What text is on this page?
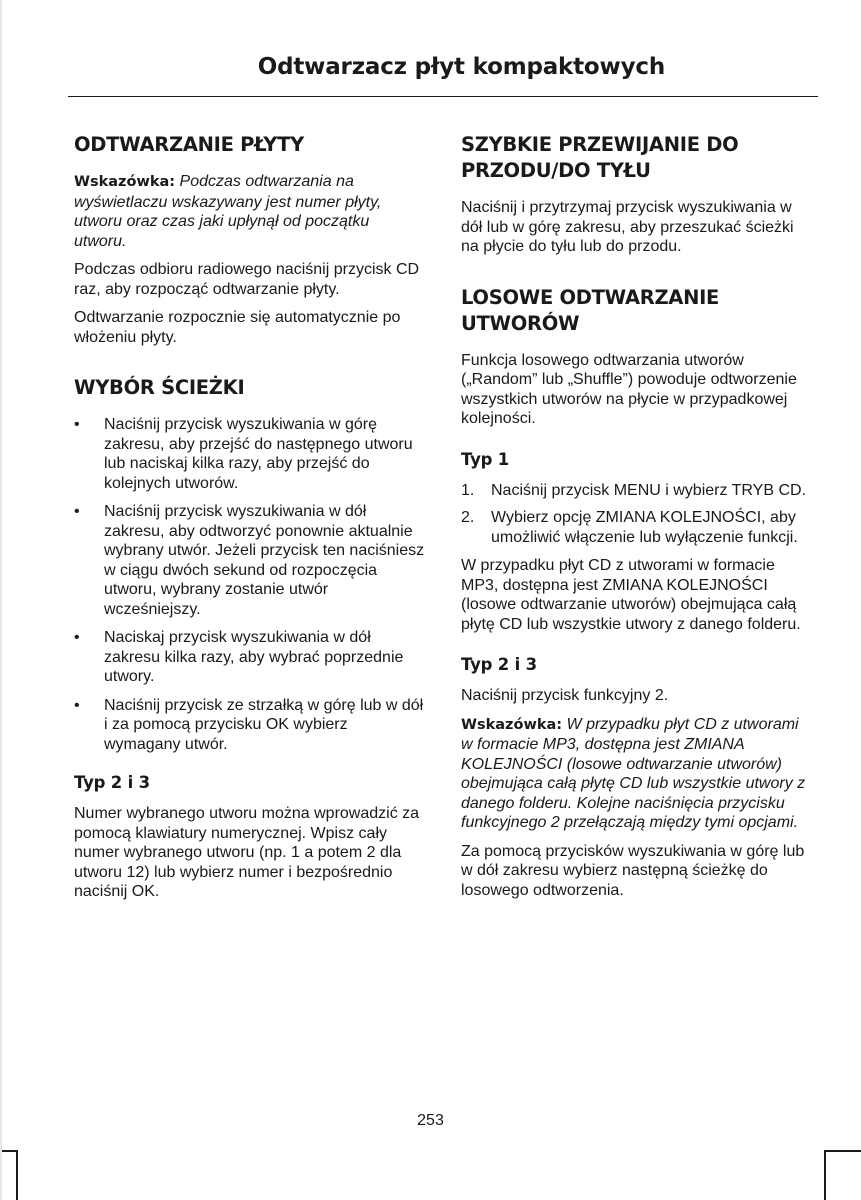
Odtwarzacz płyt kompaktowych
ODTWARZANIE PŁYTY

Wskazówka: Podczas odtwarzania na wyświetlaczu wskazywany jest numer płyty, utworu oraz czas jaki upłynął od początku utworu.

Podczas odbioru radiowego naciśnij przycisk CD raz, aby rozpocząć odtwarzanie płyty.

Odtwarzanie rozpocznie się automatycznie po włożeniu płyty.

WYBÓR ŚCIEŻKI
• Naciśnij przycisk wyszukiwania w górę zakresu, aby przejść do następnego utworu lub naciskaj kilka razy, aby przejść do kolejnych utworów.
• Naciśnij przycisk wyszukiwania w dół zakresu, aby odtworzyć ponownie aktualnie wybrany utwór. Jeżeli przycisk ten naciśniesz w ciągu dwóch sekund od rozpoczęcia utworu, wybrany zostanie utwór wcześniejszy.
• Naciskaj przycisk wyszukiwania w dół zakresu kilka razy, aby wybrać poprzednie utwory.
• Naciśnij przycisk ze strzałką w górę lub w dół i za pomocą przycisku OK wybierz wymagany utwór.
Typ 2 i 3

Numer wybranego utworu można wprowadzić za pomocą klawiatury numerycznej. Wpisz cały numer wybranego utworu (np. 1 a potem 2 dla utworu 12) lub wybierz numer i bezpośrednio naciśnij OK.

SZYBKIE PRZEWIJANIE DO PRZODU/DO TYŁU

Naciśnij i przytrzymaj przycisk wyszukiwania w dół lub w górę zakresu, aby przeszukać ścieżki na płycie do tyłu lub do przodu.

LOSOWE ODTWARZANIE UTWORÓW

Funkcja losowego odtwarzania utworów („Random” lub „Shuffle”) powoduje odtworzenie wszystkich utworów na płycie w przypadkowej kolejności.

Typ 1
1. Naciśnij przycisk MENU i wybierz TRYB CD.
2. Wybierz opcję ZMIANA KOLEJNOŚCI, aby umożliwić włączenie lub wyłączenie funkcji.

W przypadku płyt CD z utworami w formacie MP3, dostępna jest ZMIANA KOLEJNOŚCI (losowe odtwarzanie utworów) obejmująca całą płytę CD lub wszystkie utwory z danego folderu.

Typ 2 i 3

Naciśnij przycisk funkcyjny 2.

Wskazówka: W przypadku płyt CD z utworami w formacie MP3, dostępna jest ZMIANA KOLEJNOŚCI (losowe odtwarzanie utworów) obejmująca całą płytę CD lub wszystkie utwory z danego folderu. Kolejne naciśnięcia przycisku funkcyjnego 2 przełączają między tymi opcjami.

Za pomocą przycisków wyszukiwania w górę lub w dół zakresu wybierz następną ścieżkę do losowego odtworzenia.

253
